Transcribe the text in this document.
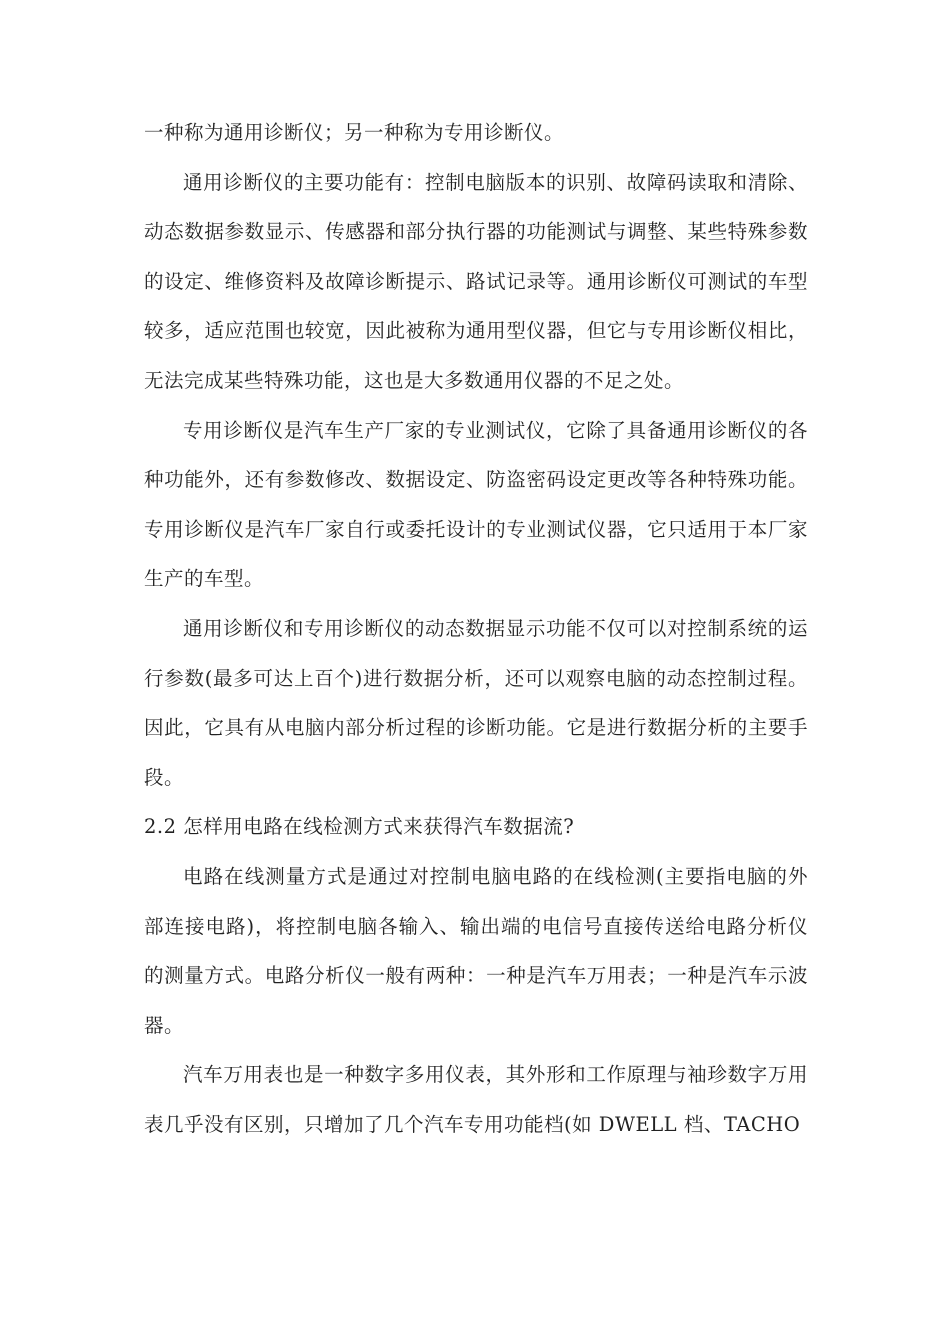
一种称为通用诊断仪；另一种称为专用诊断仪。

通用诊断仪的主要功能有：控制电脑版本的识别、故障码读取和清除、动态数据参数显示、传感器和部分执行器的功能测试与调整、某些特殊参数的设定、维修资料及故障诊断提示、路试记录等。通用诊断仪可测试的车型较多，适应范围也较宽，因此被称为通用型仪器，但它与专用诊断仪相比，无法完成某些特殊功能，这也是大多数通用仪器的不足之处。

专用诊断仪是汽车生产厂家的专业测试仪，它除了具备通用诊断仪的各种功能外，还有参数修改、数据设定、防盗密码设定更改等各种特殊功能。专用诊断仪是汽车厂家自行或委托设计的专业测试仪器，它只适用于本厂家生产的车型。

通用诊断仪和专用诊断仪的动态数据显示功能不仅可以对控制系统的运行参数(最多可达上百个)进行数据分析，还可以观察电脑的动态控制过程。因此，它具有从电脑内部分析过程的诊断功能。它是进行数据分析的主要手段。

2.2 怎样用电路在线检测方式来获得汽车数据流?

电路在线测量方式是通过对控制电脑电路的在线检测(主要指电脑的外部连接电路)，将控制电脑各输入、输出端的电信号直接传送给电路分析仪的测量方式。电路分析仪一般有两种：一种是汽车万用表；一种是汽车示波器。

汽车万用表也是一种数字多用仪表，其外形和工作原理与袖珍数字万用表几乎没有区别，只增加了几个汽车专用功能档(如 DWELL 档、TACHO
